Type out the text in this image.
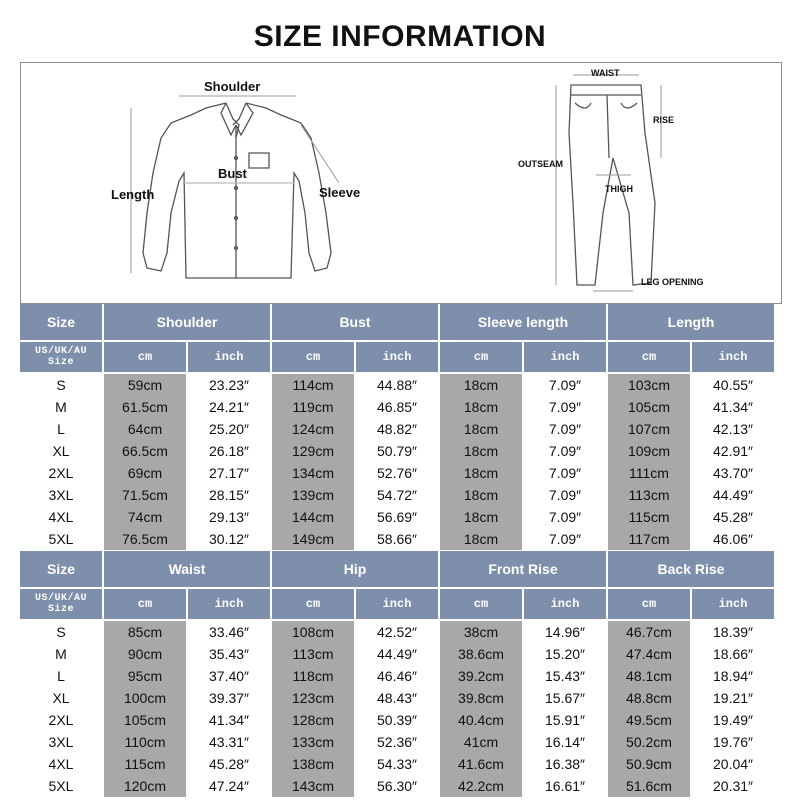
SIZE INFORMATION
Shoulder
Bust
Length	Sleeve
WAIST
RISE
OUTSEAM
THIGH
LEG OPENING
Size	Shoulder		Bust		Sleeve length		Length	
US/UK/AU Size	cm	inch	cm	inch	cm	inch	cm	inch
S	59cm	23.23″	114cm	44.88″	18cm	7.09″	103cm	40.55″
M	61.5cm	24.21″	119cm	46.85″	18cm	7.09″	105cm	41.34″
L	64cm	25.20″	124cm	48.82″	18cm	7.09″	107cm	42.13″
XL	66.5cm	26.18″	129cm	50.79″	18cm	7.09″	109cm	42.91″
2XL	69cm	27.17″	134cm	52.76″	18cm	7.09″	111cm	43.70″
3XL	71.5cm	28.15″	139cm	54.72″	18cm	7.09″	113cm	44.49″
4XL	74cm	29.13″	144cm	56.69″	18cm	7.09″	115cm	45.28″
5XL	76.5cm	30.12″	149cm	58.66″	18cm	7.09″	117cm	46.06″
Size	Waist		Hip		Front Rise		Back Rise	
US/UK/AU Size	cm	inch	cm	inch	cm	inch	cm	inch
S	85cm	33.46″	108cm	42.52″	38cm	14.96″	46.7cm	18.39″
M	90cm	35.43″	113cm	44.49″	38.6cm	15.20″	47.4cm	18.66″
L	95cm	37.40″	118cm	46.46″	39.2cm	15.43″	48.1cm	18.94″
XL	100cm	39.37″	123cm	48.43″	39.8cm	15.67″	48.8cm	19.21″
2XL	105cm	41.34″	128cm	50.39″	40.4cm	15.91″	49.5cm	19.49″
3XL	110cm	43.31″	133cm	52.36″	41cm	16.14″	50.2cm	19.76″
4XL	115cm	45.28″	138cm	54.33″	41.6cm	16.38″	50.9cm	20.04″
5XL	120cm	47.24″	143cm	56.30″	42.2cm	16.61″	51.6cm	20.31″
